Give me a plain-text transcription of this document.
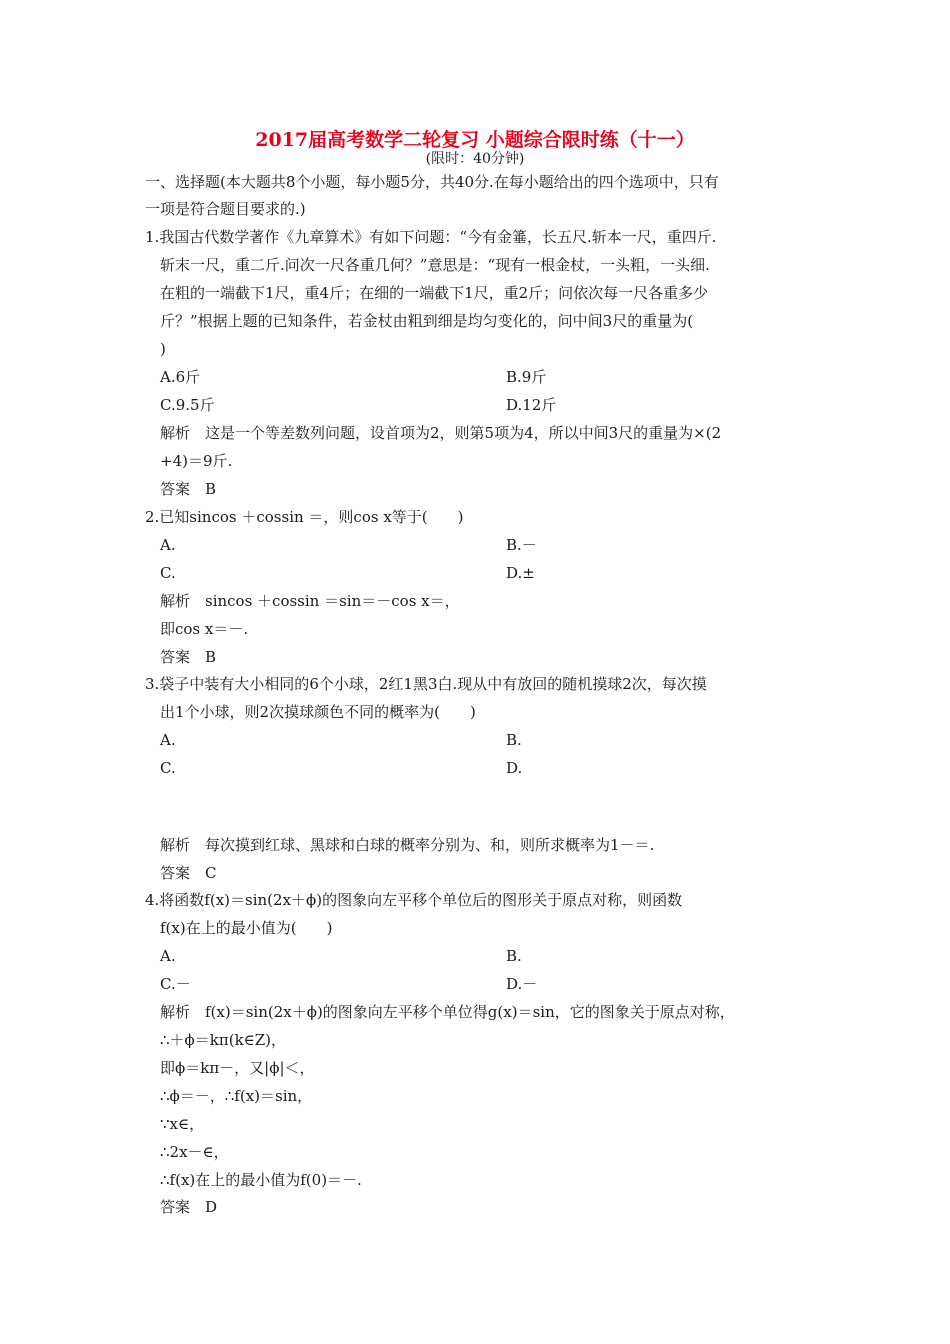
2017届高考数学二轮复习 小题综合限时练（十一）
(限时：40分钟)
一、选择题(本大题共8个小题，每小题5分，共40分.在每小题给出的四个选项中，只有
一项是符合题目要求的.)
1.我国古代数学著作《九章算术》有如下问题：“今有金箠，长五尺.斩本一尺，重四斤.
斩末一尺，重二斤.问次一尺各重几何？”意思是：“现有一根金杖，一头粗，一头细.
在粗的一端截下1尺，重4斤；在细的一端截下1尺，重2斤；问依次每一尺各重多少
斤？”根据上题的已知条件，若金杖由粗到细是均匀变化的，问中间3尺的重量为(
)
A.6斤	B.9斤
C.9.5斤	D.12斤
解析　这是一个等差数列问题，设首项为2，则第5项为4，所以中间3尺的重量为×(2
+4)＝9斤.
答案　B
2.已知sincos ＋cossin ＝，则cos x等于(　　)
A.	B.－
C.	D.±
解析　sincos ＋cossin ＝sin＝－cos x＝，
即cos x＝－.
答案　B
3.袋子中装有大小相同的6个小球，2红1黑3白.现从中有放回的随机摸球2次，每次摸
出1个小球，则2次摸球颜色不同的概率为(　　)
A.	B.
C.	D.
解析　每次摸到红球、黑球和白球的概率分别为、和，则所求概率为1－＝.
答案　C
4.将函数f(x)＝sin(2x＋ϕ)的图象向左平移个单位后的图形关于原点对称，则函数
f(x)在上的最小值为(　　)
A.	B.
C.－	D.－
解析　f(x)＝sin(2x＋ϕ)的图象向左平移个单位得g(x)＝sin，它的图象关于原点对称，
∴＋ϕ＝kπ(k∈Z)，
即ϕ＝kπ－，又|ϕ|＜，
∴ϕ＝－，∴f(x)＝sin，
∵x∈，
∴2x－∈，
∴f(x)在上的最小值为f(0)＝－.
答案　D
